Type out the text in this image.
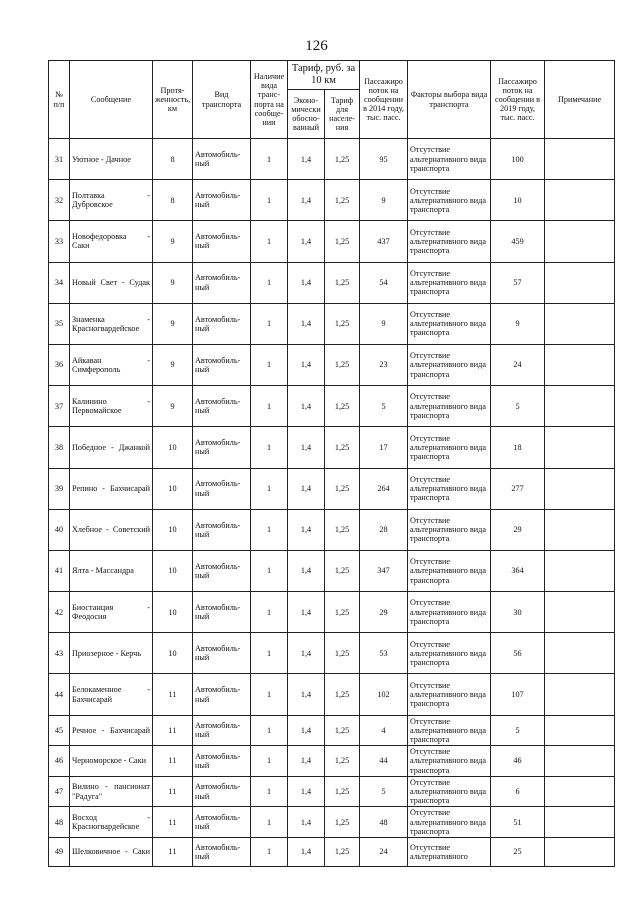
126
№ п/п	Сообщение	Протя-женность, км	Вид транспорта	Наличие вида транс-порта на сообще-нии	Тариф, руб. за 10 км		Пассажиро поток на сообщении в 2014 году, тыс. пасс.	Факторы выбора вида транспорта	Пассажиро поток на сообщении в 2019 году, тыс. пасс.	Примечание
					Эконо-мически обосно-ванный	Тариф для населе-ния				
31	Уютное - Дачное	8	Автомобиль-ный	1	1,4	1,25	95	Отсутствие альтернативного вида транспорта	100	
32	Полтавка - Дубровское	8	Автомобиль-ный	1	1,4	1,25	9	Отсутствие альтернативного вида транспорта	10	
33	Новофедоровка - Саки	9	Автомобиль-ный	1	1,4	1,25	437	Отсутствие альтернативного вида транспорта	459	
34	Новый Свет - Судак	9	Автомобиль-ный	1	1,4	1,25	54	Отсутствие альтернативного вида транспорта	57	
35	Знаменка - Красногвардейское	9	Автомобиль-ный	1	1,4	1,25	9	Отсутствие альтернативного вида транспорта	9	
36	Айкаван - Симферополь	9	Автомобиль-ный	1	1,4	1,25	23	Отсутствие альтернативного вида транспорта	24	
37	Калинино - Первомайское	9	Автомобиль-ный	1	1,4	1,25	5	Отсутствие альтернативного вида транспорта	5	
38	Победное - Джанкой	10	Автомобиль-ный	1	1,4	1,25	17	Отсутствие альтернативного вида транспорта	18	
39	Репино - Бахчисарай	10	Автомобиль-ный	1	1,4	1,25	264	Отсутствие альтернативного вида транспорта	277	
40	Хлебное - Советский	10	Автомобиль-ный	1	1,4	1,25	28	Отсутствие альтернативного вида транспорта	29	
41	Ялта - Массандра	10	Автомобиль-ный	1	1,4	1,25	347	Отсутствие альтернативного вида транспорта	364	
42	Биостанция - Феодосия	10	Автомобиль-ный	1	1,4	1,25	29	Отсутствие альтернативного вида транспорта	30	
43	Приозерное - Керчь	10	Автомобиль-ный	1	1,4	1,25	53	Отсутствие альтернативного вида транспорта	56	
44	Белокаменное - Бахчисарай	11	Автомобиль-ный	1	1,4	1,25	102	Отсутствие альтернативного вида транспорта	107	
45	Речное - Бахчисарай	11	Автомобиль-ный	1	1,4	1,25	4	Отсутствие альтернативного вида транспорта	5	
46	Черноморское - Саки	11	Автомобиль-ный	1	1,4	1,25	44	Отсутствие альтернативного вида транспорта	46	
47	Вилино - пансионат "Радуга"	11	Автомобиль-ный	1	1,4	1,25	5	Отсутствие альтернативного вида транспорта	6	
48	Восход - Красногвардейское	11	Автомобиль-ный	1	1,4	1,25	48	Отсутствие альтернативного вида транспорта	51	
49	Шелковичное - Саки	11	Автомобиль-ный	1	1,4	1,25	24	Отсутствие альтернативного	25	
